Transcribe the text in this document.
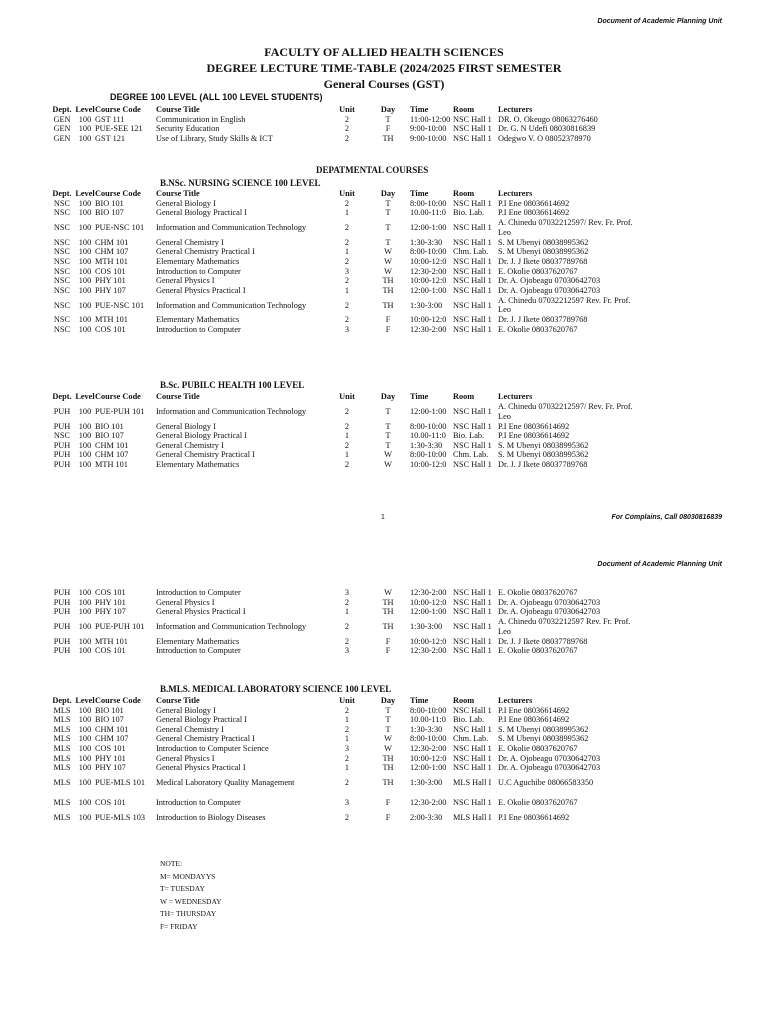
Document of Academic Planning Unit
FACULTY OF ALLIED HEALTH SCIENCES
DEGREE LECTURE TIME-TABLE (20​24/2025 FIRST SEMESTER
General Courses (GST)
DEGREE 100 LEVEL (ALL 100 LEVEL STUDENTS)
Dept.	Level	Course Code	Course Title	Unit	Day	Time	Room	Lecturers
GEN	100	GST 111	Communication in English	2	T	11:00-12:00	NSC Hall 1	DR. O. Okeugo 08063276460
GEN	100	PUE-SEE 121	Security Education	2	F	9:00-10:00	NSC Hall 1	Dr. G. N Udefi 08030816839
GEN	100	GST 121	Use of Library, Study Skills & ICT	2	TH	9:00-10:00	NSC Hall 1	Odegwo V. O 08052378970
DEPATMENTAL COURSES
B.NSc. NURSING SCIENCE 100 LEVEL
Dept.	Level	Course Code	Course Title	Unit	Day	Time	Room	Lecturers
NSC	100	BIO 101	General Biology I	2	T	8:00-10:00	NSC Hall 1	P.I Ene 08036614692
NSC	100	BIO 107	General Biology Practical I	1	T	10.00-11:0	Bio. Lab.	P.I Ene 08036614692
NSC	100	PUE-NSC 101	Information and Communication Technology	2	T	12:00-1:00	NSC Hall 1	A. Chinedu 07032212597/ Rev. Fr. Prof. Leo
NSC	100	CHM 101	General Chemistry I	2	T	1:30-3:30	NSC Hall 1	S. M Ubenyi 08038995362
NSC	100	CHM 107	General Chemistry Practical I	1	W	8:00-10:00	Chm. Lab.	S. M Ubenyi 08038995362
NSC	100	MTH 101	Elementary Mathematics	2	W	10:00-12:0	NSC Hall 1	Dr. J. J Ikete 08037789768
NSC	100	COS 101	Introduction to Computer	3	W	12:30-2:00	NSC Hall 1	E. Okolie 08037620767
NSC	100	PHY 101	General Physics I	2	TH	10:00-12:0	NSC Hall 1	Dr. A. Ojobeagu 07030642703
NSC	100	PHY 107	General Physics Practical I	1	TH	12:00-1:00	NSC Hall 1	Dr. A. Ojobeagu 07030642703
NSC	100	PUE-NSC 101	Information and Communication Technology	2	TH	1:30-3:00	NSC Hall 1	A. Chinedu 07032212597 Rev. Fr. Prof. Leo
NSC	100	MTH 101	Elementary Mathematics	2	F	10:00-12:0	NSC Hall 1	Dr. J. J Ikete 08037789768
NSC	100	COS 101	Introduction to Computer	3	F	12:30-2:00	NSC Hall 1	E. Okolie 08037620767
B.Sc. PUBILC HEALTH 100 LEVEL
Dept.	Level	Course Code	Course Title	Unit	Day	Time	Room	Lecturers
PUH	100	PUE-PUH 101	Information and Communication Technology	2	T	12:00-1:00	NSC Hall 1	A. Chinedu 07032212597/ Rev. Fr. Prof. Leo
PUH	100	BIO 101	General Biology I	2	T	8:00-10:00	NSC Hall 1	P.I Ene 08036614692
NSC	100	BIO 107	General Biology Practical I	1	T	10.00-11:0	Bio. Lab.	P.I Ene 08036614692
PUH	100	CHM 101	General Chemistry I	2	T	1:30-3:30	NSC Hall 1	S. M Ubenyi 08038995362
PUH	100	CHM 107	General Chemistry Practical I	1	W	8:00-10:00	Chm. Lab.	S. M Ubenyi 08038995362
PUH	100	MTH 101	Elementary Mathematics	2	W	10:00-12:0	NSC Hall 1	Dr. J. J Ikete 08037789768
1	For Complains, Call 08030816839
Document of Academic Planning Unit
PUH	100	COS 101	Introduction to Computer	3	W	12:30-2:00	NSC Hall 1	E. Okolie 08037620767
PUH	100	PHY 101	General Physics I	2	TH	10:00-12:0	NSC Hall 1	Dr. A. Ojobeagu 07030642703
PUH	100	PHY 107	General Physics Practical I	1	TH	12:00-1:00	NSC Hall 1	Dr. A. Ojobeagu 07030642703
PUH	100	PUE-PUH 101	Information and Communication Technology	2	TH	1:30-3:00	NSC Hall 1	A. Chinedu 07032212597 Rev. Fr. Prof. Leo
PUH	100	MTH 101	Elementary Mathematics	2	F	10:00-12:0	NSC Hall 1	Dr. J. J Ikete 08037789768
PUH	100	COS 101	Introduction to Computer	3	F	12:30-2:00	NSC Hall 1	E. Okolie 08037620767
B.MLS. MEDICAL LABORATORY SCIENCE 100 LEVEL
Dept.	Level	Course Code	Course Title	Unit	Day	Time	Room	Lecturers
MLS	100	BIO 101	General Biology I	2	T	8:00-10:00	NSC Hall 1	P.I Ene 08036614692
MLS	100	BIO 107	General Biology Practical I	1	T	10.00-11:0	Bio. Lab.	P.I Ene 08036614692
MLS	100	CHM 101	General Chemistry I	2	T	1:30-3:30	NSC Hall 1	S. M Ubenyi 08038995362
MLS	100	CHM 107	General Chemistry Practical I	1	W	8:00-10:00	Chm. Lab.	S. M Ubenyi 08038995362
MLS	100	COS 101	Introduction to Computer Science	3	W	12:30-2:00	NSC Hall 1	E. Okolie 08037620767
MLS	100	PHY 101	General Physics I	2	TH	10:00-12:0	NSC Hall 1	Dr. A. Ojobeagu 07030642703
MLS	100	PHY 107	General Physics Practical I	1	TH	12:00-1:00	NSC Hall 1	Dr. A. Ojobeagu 07030642703
MLS	100	PUE-MLS 101	Medical Laboratory Quality Management	2	TH	1:30-3:00	MLS Hall I	U.C Aguchibe 08066583350
MLS	100	COS 101	Introduction to Computer	3	F	12:30-2:00	NSC Hall 1	E. Okolie 08037620767
MLS	100	PUE-MLS 103	Introduction to Biology Diseases	2	F	2:00-3:30	MLS Hall I	P.I Ene 08036614692
NOTE:
M= MONDAYYS
T= TUESDAY
W = WEDNESDAY
TH= THURSDAY
F= FRIDAY
